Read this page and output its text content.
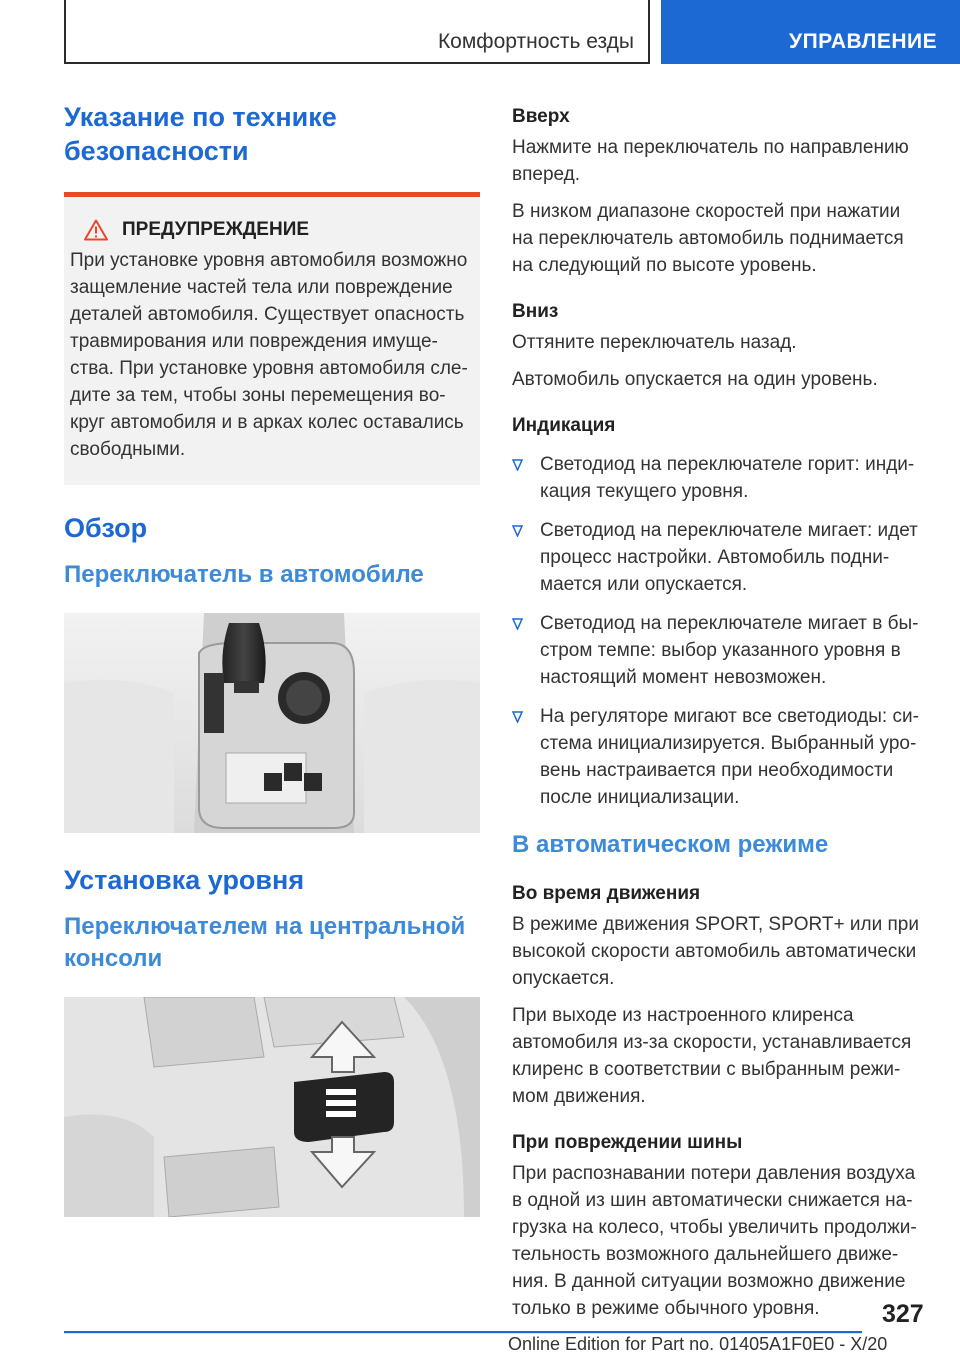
Комфортность езды	УПРАВЛЕНИЕ
Указание по технике
безопасности
ПРЕДУПРЕЖДЕНИЕ
При установке уровня автомобиля возможно
защемление частей тела или повреждение
деталей автомобиля. Существует опасность
травмирования или повреждения имуще-
ства. При установке уровня автомобиля сле-
дите за тем, чтобы зоны перемещения во-
круг автомобиля и в арках колес оставались
свободными.
Обзор
Переключатель в автомобиле
Установка уровня
Переключателем на центральной
консоли
Вверх
Нажмите на переключатель по направлению
вперед.
В низком диапазоне скоростей при нажатии
на переключатель автомобиль поднимается
на следующий по высоте уровень.
Вниз
Оттяните переключатель назад.
Автомобиль опускается на один уровень.
Индикация
Светодиод на переключателе горит: инди-
кация текущего уровня.
Светодиод на переключателе мигает: идет
процесс настройки. Автомобиль подни-
мается или опускается.
Светодиод на переключателе мигает в бы-
стром темпе: выбор указанного уровня в
настоящий момент невозможен.
На регуляторе мигают все светодиоды: си-
стема инициализируется. Выбранный уро-
вень настраивается при необходимости
после инициализации.
В автоматическом режиме
Во время движения
В режиме движения SPORT, SPORT+ или при
высокой скорости автомобиль автоматически
опускается.
При выходе из настроенного клиренса
автомобиля из-за скорости, устанавливается
клиренс в соответствии с выбранным режи-
мом движения.
При повреждении шины
При распознавании потери давления воздуха
в одной из шин автоматически снижается на-
грузка на колесо, чтобы увеличить продолжи-
тельность возможного дальнейшего движе-
ния. В данной ситуации возможно движение
только в режиме обычного уровня.	327
Online Edition for Part no. 01405A1F0E0 - X/20
